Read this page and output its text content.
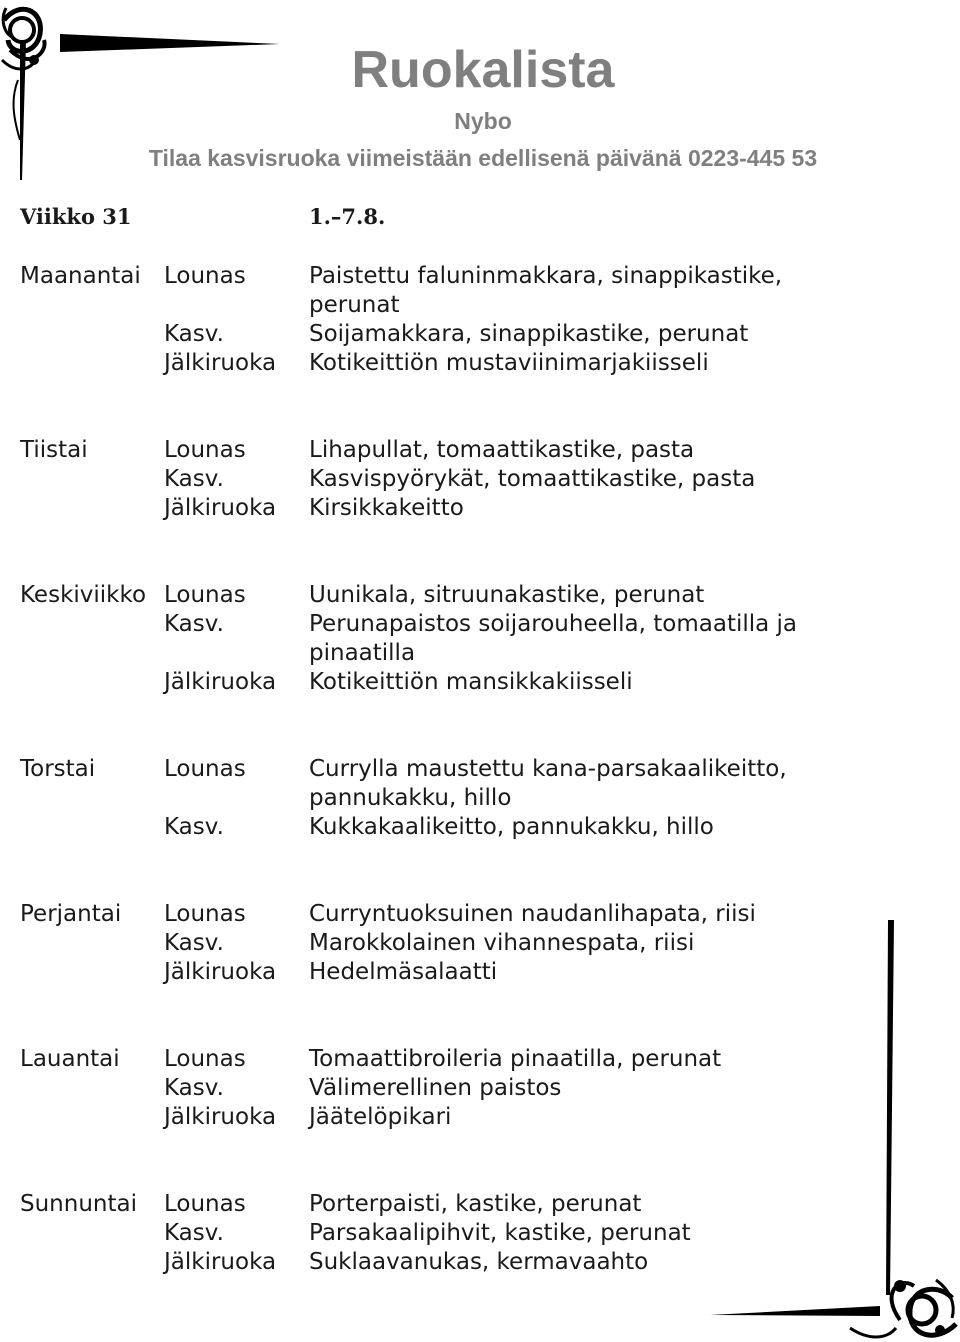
Ruokalista
Nybo
Tilaa kasvisruoka viimeistään edellisenä päivänä 0223-445 53
Viikko 31	1.–7.8.
Maanantai	Lounas	Paistettu faluninmakkara, sinappikastike, perunat
Kasv.	Soijamakkara, sinappikastike, perunat
Jälkiruoka	Kotikeittiön mustaviinimarjakiisseli
Tiistai	Lounas	Lihapullat, tomaattikastike, pasta
Kasv.	Kasvispyörykät, tomaattikastike, pasta
Jälkiruoka	Kirsikkakeitto
Keskiviikko Lounas	Uunikala, sitruunakastike, perunat
Kasv.	Perunapaistos soijarouheella, tomaatilla ja pinaatilla
Jälkiruoka	Kotikeittiön mansikkakiisseli
Torstai	Lounas	Currylla maustettu kana-parsakaalikeitto, pannukakku, hillo
Kasv.	Kukkakaalikeitto, pannukakku, hillo
Perjantai	Lounas	Curryntuoksuinen naudanlihapata, riisi
Kasv.	Marokkolainen vihannespata, riisi
Jälkiruoka	Hedelmäsalaatti
Lauantai	Lounas	Tomaattibroileria pinaatilla, perunat
Kasv.	Välimerellinen paistos
Jälkiruoka	Jäätelöpikari
Sunnuntai	Lounas	Porterpaisti, kastike, perunat
Kasv.	Parsakaalipihvit, kastike, perunat
Jälkiruoka	Suklaavanukas, kermavaahto
